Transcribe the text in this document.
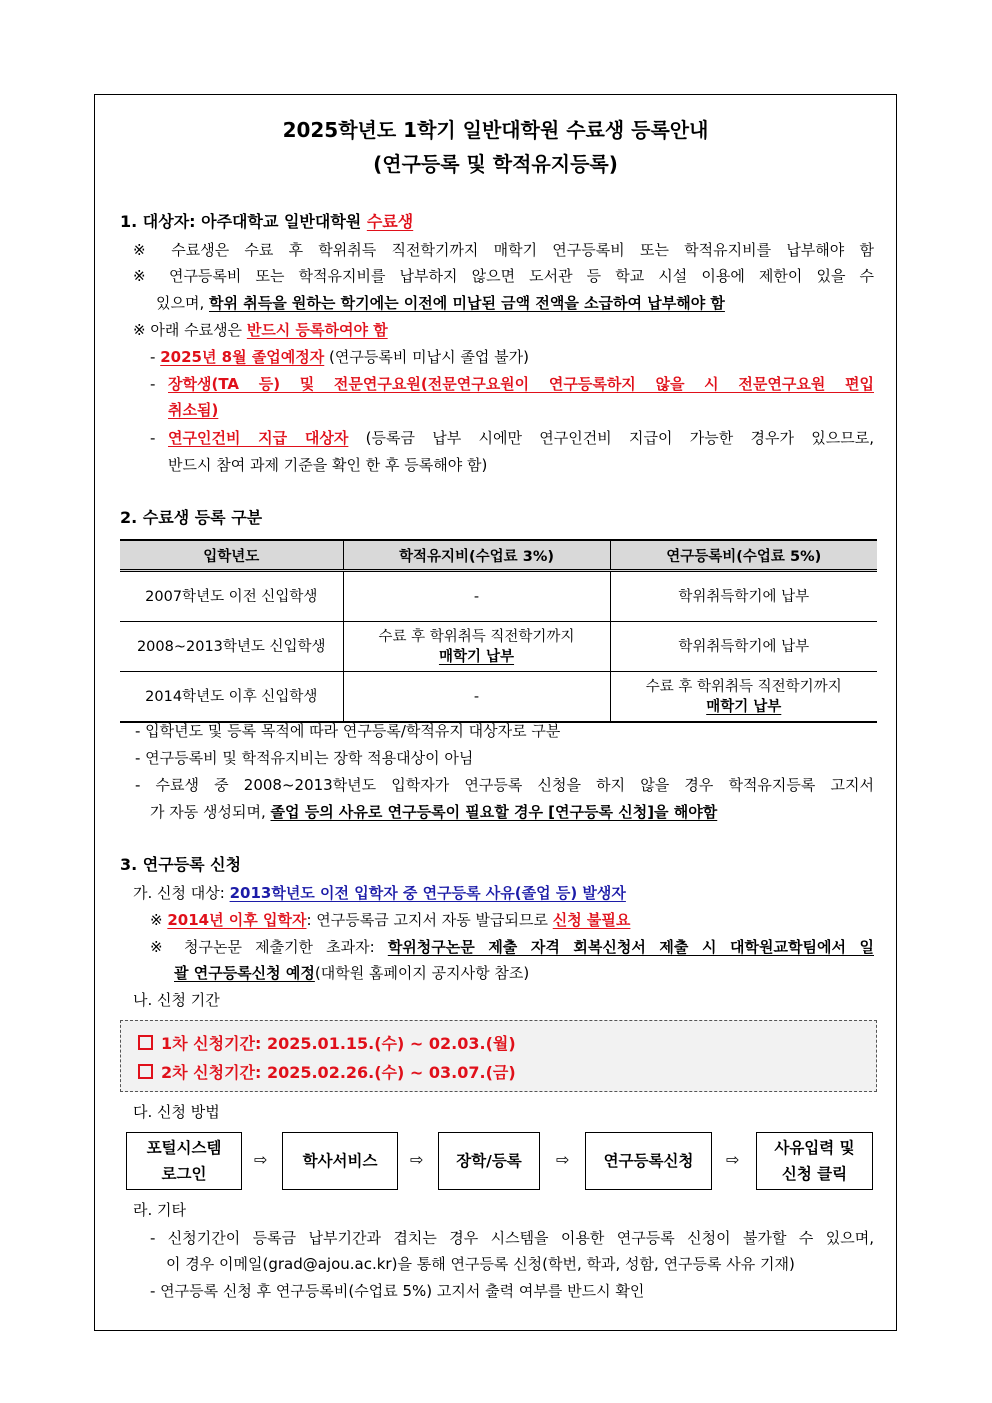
2025학년도 1학기 일반대학원 수료생 등록안내
(연구등록 및 학적유지등록)
1. 대상자: 아주대학교 일반대학원 수료생
※ 수료생은 수료 후 학위취득 직전학기까지 매학기 연구등록비 또는 학적유지비를 납부해야 함
※ 연구등록비 또는 학적유지비를 납부하지 않으면 도서관 등 학교 시설 이용에 제한이 있을 수
있으며, 학위 취득을 원하는 학기에는 이전에 미납된 금액 전액을 소급하여 납부해야 함
※ 아래 수료생은 반드시 등록하여야 함
- 2025년 8월 졸업예정자 (연구등록비 미납시 졸업 불가)
- 장학생(TA 등) 및 전문연구요원(전문연구요원이 연구등록하지 않을 시 전문연구요원 편입
취소됨)
- 연구인건비 지급 대상자 (등록금 납부 시에만 연구인건비 지급이 가능한 경우가 있으므로,
반드시 참여 과제 기준을 확인 한 후 등록해야 함)
2. 수료생 등록 구분
입학년도	학적유지비(수업료 3%)	연구등록비(수업료 5%)
2007학년도 이전 신입학생	-	학위취득학기에 납부
2008~2013학년도 신입학생	수료 후 학위취득 직전학기까지
매학기 납부	학위취득학기에 납부
2014학년도 이후 신입학생	-	수료 후 학위취득 직전학기까지
매학기 납부
- 입학년도 및 등록 목적에 따라 연구등록/학적유지 대상자로 구분
- 연구등록비 및 학적유지비는 장학 적용대상이 아님
- 수료생 중 2008~2013학년도 입학자가 연구등록 신청을 하지 않을 경우 학적유지등록 고지서
가 자동 생성되며, 졸업 등의 사유로 연구등록이 필요할 경우 [연구등록 신청]을 해야함
3. 연구등록 신청
가. 신청 대상: 2013학년도 이전 입학자 중 연구등록 사유(졸업 등) 발생자
※ 2014년 이후 입학자: 연구등록금 고지서 자동 발급되므로 신청 불필요
※ 청구논문 제출기한 초과자: 학위청구논문 제출 자격 회복신청서 제출 시 대학원교학팀에서 일
괄 연구등록신청 예정(대학원 홈페이지 공지사항 참조)
나. 신청 기간
1차 신청기간: 2025.01.15.(수) ~ 02.03.(월)
2차 신청기간: 2025.02.26.(수) ~ 03.07.(금)
다. 신청 방법
포털시스템
로그인
⇨	학사서비스	⇨	장학/등록	⇨	연구등록신청	⇨
사유입력 및
신청 클릭
라. 기타
- 신청기간이 등록금 납부기간과 겹치는 경우 시스템을 이용한 연구등록 신청이 불가할 수 있으며,
이 경우 이메일(grad@ajou.ac.kr)을 통해 연구등록 신청(학번, 학과, 성함, 연구등록 사유 기재)
- 연구등록 신청 후 연구등록비(수업료 5%) 고지서 출력 여부를 반드시 확인
